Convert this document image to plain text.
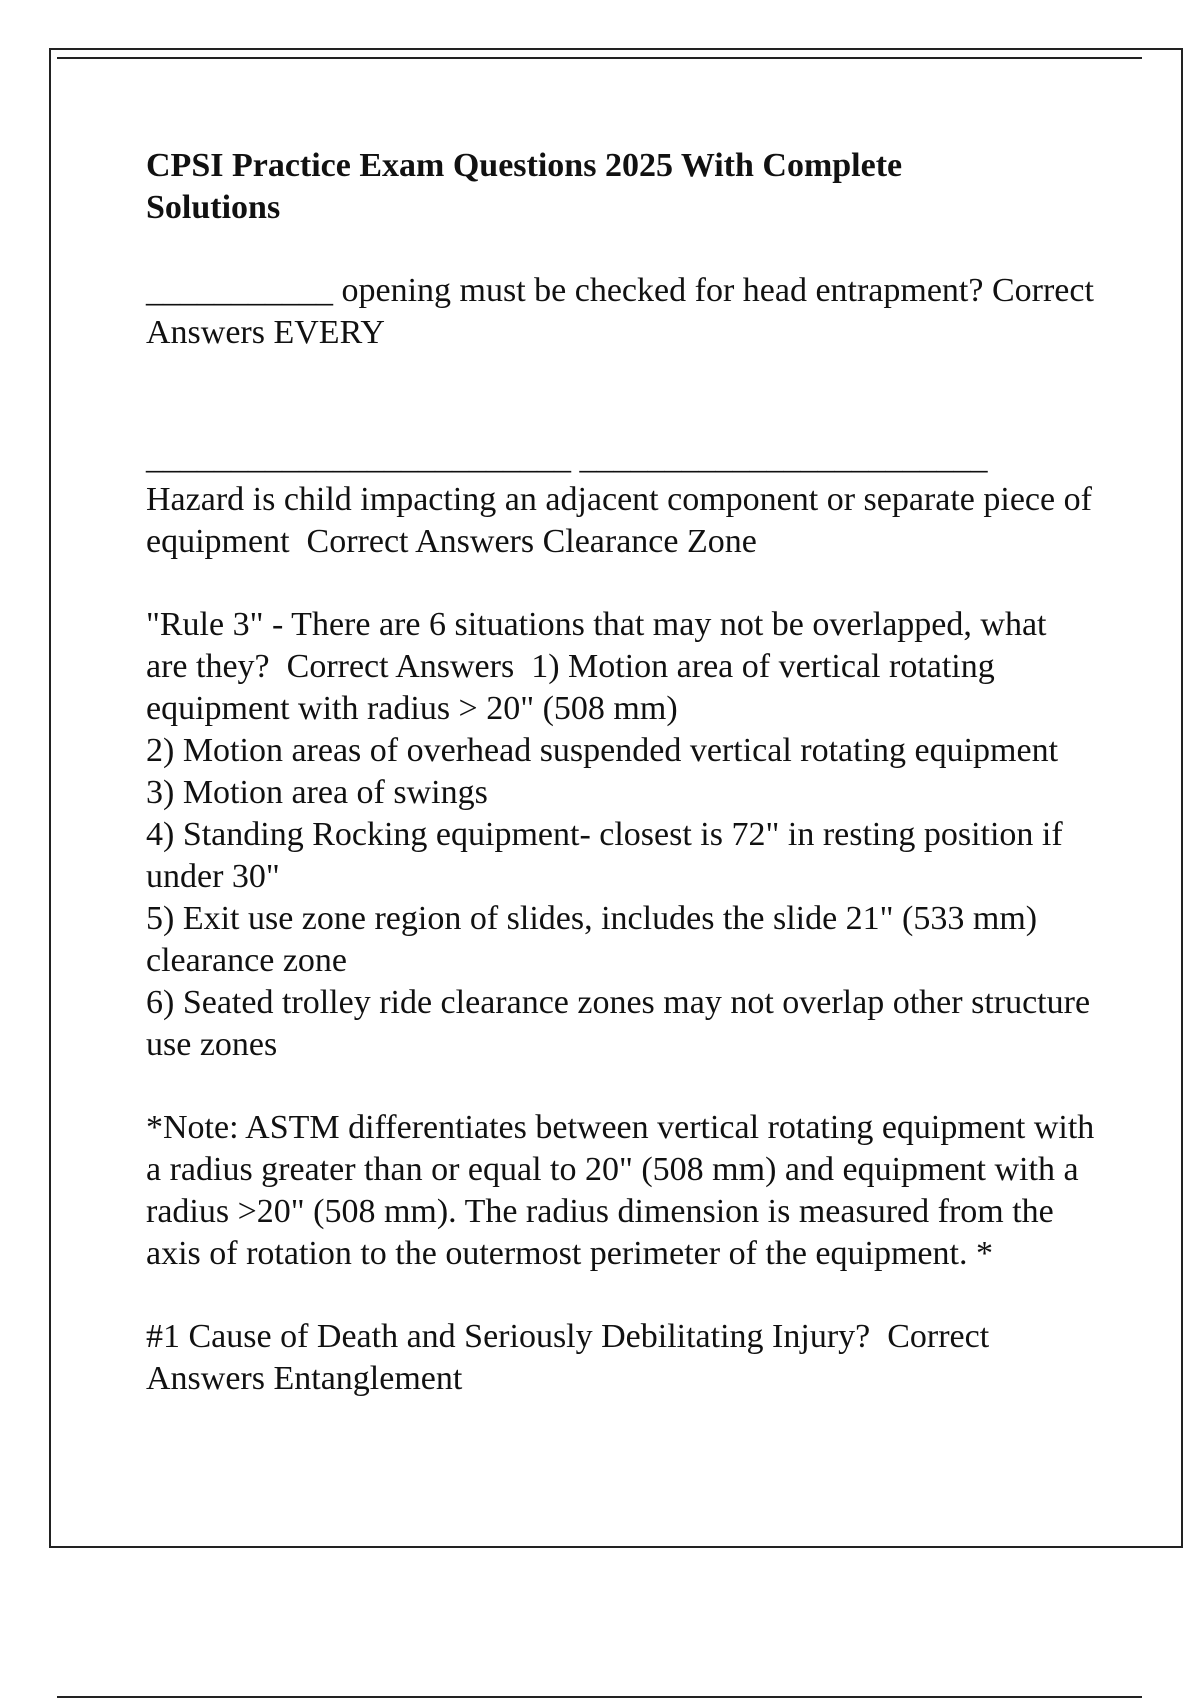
CPSI Practice Exam Questions 2025 With Complete Solutions

___________ opening must be checked for head entrapment? Correct Answers EVERY

_________________________ ________________________

Hazard is child impacting an adjacent component or separate piece of equipment Correct Answers Clearance Zone

"Rule 3" - There are 6 situations that may not be overlapped, what are they? Correct Answers 1) Motion area of vertical rotating equipment with radius > 20" (508 mm)

2) Motion areas of overhead suspended vertical rotating equipment
3) Motion area of swings
4) Standing Rocking equipment- closest is 72" in resting position if under 30"
5) Exit use zone region of slides, includes the slide 21" (533 mm) clearance zone
6) Seated trolley ride clearance zones may not overlap other structure use zones

*Note: ASTM differentiates between vertical rotating equipment with a radius greater than or equal to 20" (508 mm) and equipment with a radius >20" (508 mm). The radius dimension is measured from the axis of rotation to the outermost perimeter of the equipment. *

#1 Cause of Death and Seriously Debilitating Injury? Correct Answers Entanglement
